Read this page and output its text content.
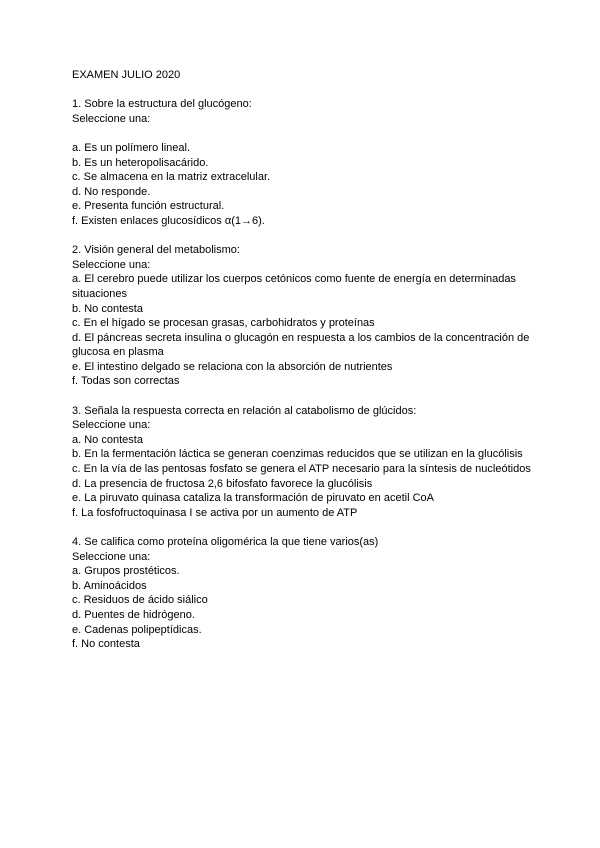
EXAMEN JULIO 2020
1. Sobre la estructura del glucógeno:
Seleccione una:
a. Es un polímero lineal.
b. Es un heteropolisacárido.
c. Se almacena en la matriz extracelular.
d. No responde.
e. Presenta función estructural.
f. Existen enlaces glucosídicos α(1→6).
2. Visión general del metabolismo:
Seleccione una:
a. El cerebro puede utilizar los cuerpos cetónicos como fuente de energía en determinadas situaciones
b. No contesta
c. En el hígado se procesan grasas, carbohidratos y proteínas
d. El páncreas secreta insulina o glucagón en respuesta a los cambios de la concentración de glucosa en plasma
e. El intestino delgado se relaciona con la absorción de nutrientes
f. Todas son correctas
3. Señala la respuesta correcta en relación al catabolismo de glúcidos:
Seleccione una:
a. No contesta
b. En la fermentación láctica se generan coenzimas reducidos que se utilizan en la glucólisis
c. En la vía de las pentosas fosfato se genera el ATP necesario para la síntesis de nucleótidos
d. La presencia de fructosa 2,6 bifosfato favorece la glucólisis
e. La piruvato quinasa cataliza la transformación de piruvato en acetil CoA
f. La fosfofructoquinasa I se activa por un aumento de ATP
4. Se califica como proteína oligomérica la que tiene varios(as)
Seleccione una:
a. Grupos prostéticos.
b. Aminoácidos
c. Residuos de ácido siálico
d. Puentes de hidrógeno.
e. Cadenas polipeptídicas.
f. No contesta
